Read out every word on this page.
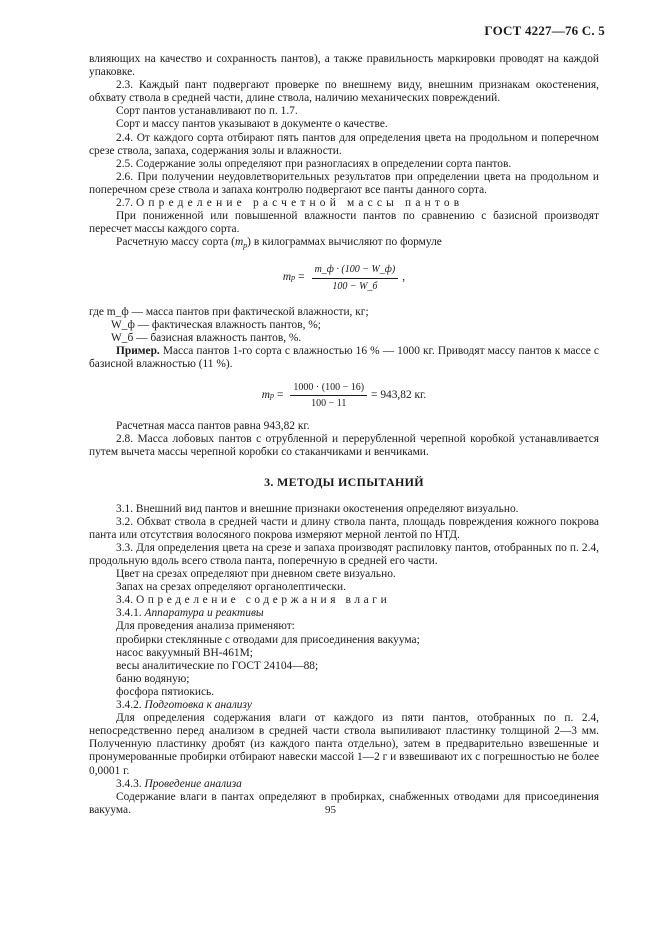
ГОСТ 4227—76 С. 5

влияющих на качество и сохранность пантов), а также правильность маркировки проводят на каждой упаковке.

2.3. Каждый пант подвергают проверке по внешнему виду, внешним признакам окостенения, обхвату ствола в средней части, длине ствола, наличию механических повреждений.

Сорт пантов устанавливают по п. 1.7.

Сорт и массу пантов указывают в документе о качестве.

2.4. От каждого сорта отбирают пять пантов для определения цвета на продольном и поперечном срезе ствола, запаха, содержания золы и влажности.

2.5. Содержание золы определяют при разногласиях в определении сорта пантов.

2.6. При получении неудовлетворительных результатов при определении цвета на продольном и поперечном срезе ствола и запаха контролю подвергают все панты данного сорта.

2.7. Определение расчетной массы пантов

При пониженной или повышенной влажности пантов по сравнению с базисной производят пересчет массы каждого сорта.

Расчетную массу сорта $(m_р)$ в килограммах вычисляют по формуле

m $р = \frac{m\_ф \cdot (100 - W\_ф)}{100 - W\_б}$ ,
где m_ф — масса пантов при фактической влажности, кг;
W_ф — фактическая влажность пантов, %;
W_б — базисная влажность пантов, %.

Пример. Масса пантов 1-го сорта с влажностью 16 % — 1000 кг. Приводят массу пантов к массе с базисной влажностью (11 %).

m $р = \frac{1000 \cdot (100 - 16)}{100 - 11} = 943,82$ кг.

Расчетная масса пантов равна 943,82 кг.

2.8. Масса лобовых пантов с отрубленной и перерубленной черепной коробкой устанавливается путем вычета массы черепной коробки со стаканчиками и венчиками.

3. МЕТОДЫ ИСПЫТАНИЙ

3.1. Внешний вид пантов и внешние признаки окостенения определяют визуально.

3.2. Обхват ствола в средней части и длину ствола панта, площадь повреждения кожного покрова панта или отсутствия волосяного покрова измеряют мерной лентой по НТД.

3.3. Для определения цвета на срезе и запаха производят распиловку пантов, отобранных по п. 2.4, продольную вдоль всего ствола панта, поперечную в средней его части.

Цвет на срезах определяют при дневном свете визуально.

Запах на срезах определяют органолептически.

3.4. Определение содержания влаги

3.4.1. Аппаратура и реактивы

Для проведения анализа применяют:

пробирки стеклянные с отводами для присоединения вакуума;

насос вакуумный ВН-461М;

весы аналитические по ГОСТ 24104—88;

баню водяную;

фосфора пятиокись.

3.4.2. Подготовка к анализу

Для определения содержания влаги от каждого из пяти пантов, отобранных по п. 2.4, непосредственно перед анализом в средней части ствола выпиливают пластинку толщиной 2—3 мм. Полученную пластинку дробят (из каждого панта отдельно), затем в предварительно взвешенные и пронумерованные пробирки отбирают навески массой 1—2 г и взвешивают их с погрешностью не более 0,0001 г.

3.4.3. Проведение анализа

Содержание влаги в пантах определяют в пробирках, снабженных отводами для присоединения вакуума.	95
